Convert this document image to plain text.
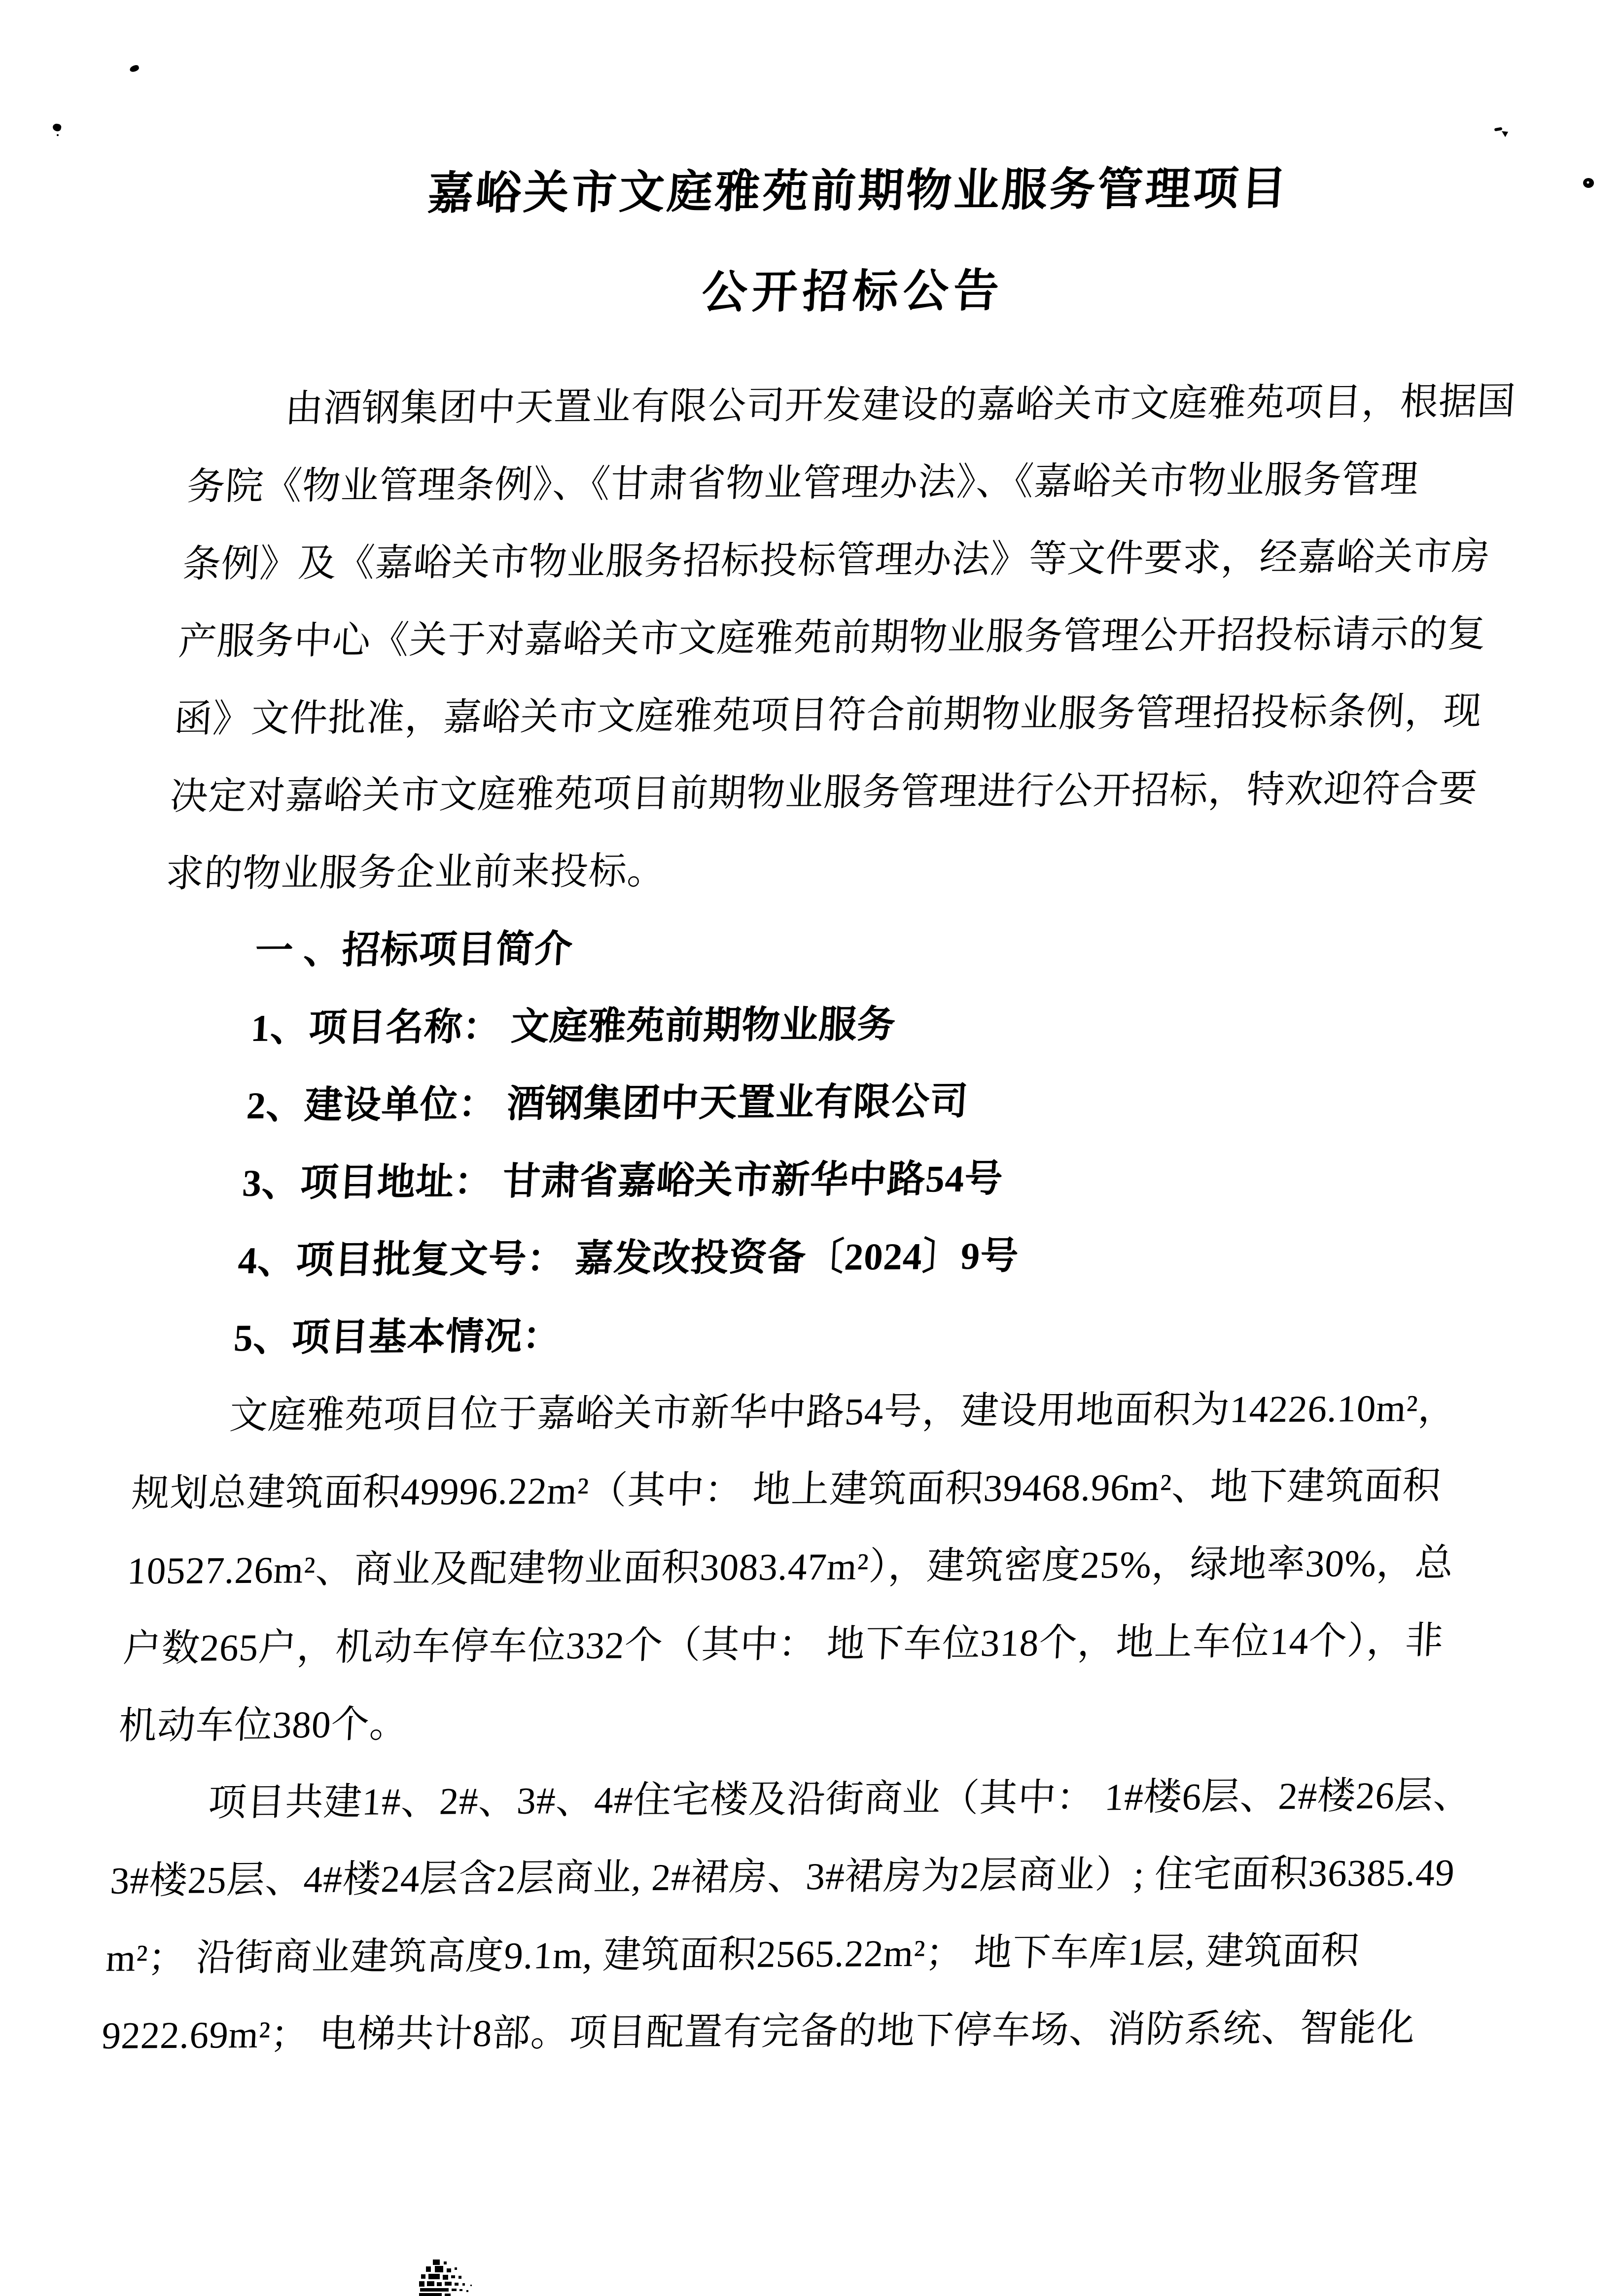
嘉峪关市文庭雅苑前期物业服务管理项目
公开招标公告
由酒钢集团中天置业有限公司开发建设的嘉峪关市文庭雅苑项目，根据国
务院《物业管理条例》、《甘肃省物业管理办法》、《嘉峪关市物业服务管理
条例》及《嘉峪关市物业服务招标投标管理办法》等文件要求，经嘉峪关市房
产服务中心《关于对嘉峪关市文庭雅苑前期物业服务管理公开招投标请示的复
函》文件批准，嘉峪关市文庭雅苑项目符合前期物业服务管理招投标条例，现
决定对嘉峪关市文庭雅苑项目前期物业服务管理进行公开招标，特欢迎符合要
求的物业服务企业前来投标。
一 、招标项目简介
1、项目名称： 文庭雅苑前期物业服务
2、建设单位： 酒钢集团中天置业有限公司
3、项目地址： 甘肃省嘉峪关市新华中路54号
4、项目批复文号： 嘉发改投资备〔2024〕9号
5、项目基本情况：
文庭雅苑项目位于嘉峪关市新华中路54号，建设用地面积为14226.10m²，
规划总建筑面积49996.22m²（其中： 地上建筑面积39468.96m²、地下建筑面积
10527.26m²、商业及配建物业面积3083.47m²），建筑密度25%，绿地率30%，总
户数265户，机动车停车位332个（其中： 地下车位318个，地上车位14个），非
机动车位380个。
项目共建1#、2#、3#、4#住宅楼及沿街商业（其中： 1#楼6层、2#楼26层、
3#楼25层、4#楼24层含2层商业, 2#裙房、3#裙房为2层商业）; 住宅面积36385.49
m²； 沿街商业建筑高度9.1m, 建筑面积2565.22m²； 地下车库1层, 建筑面积
9222.69m²； 电梯共计8部。项目配置有完备的地下停车场、消防系统、智能化
